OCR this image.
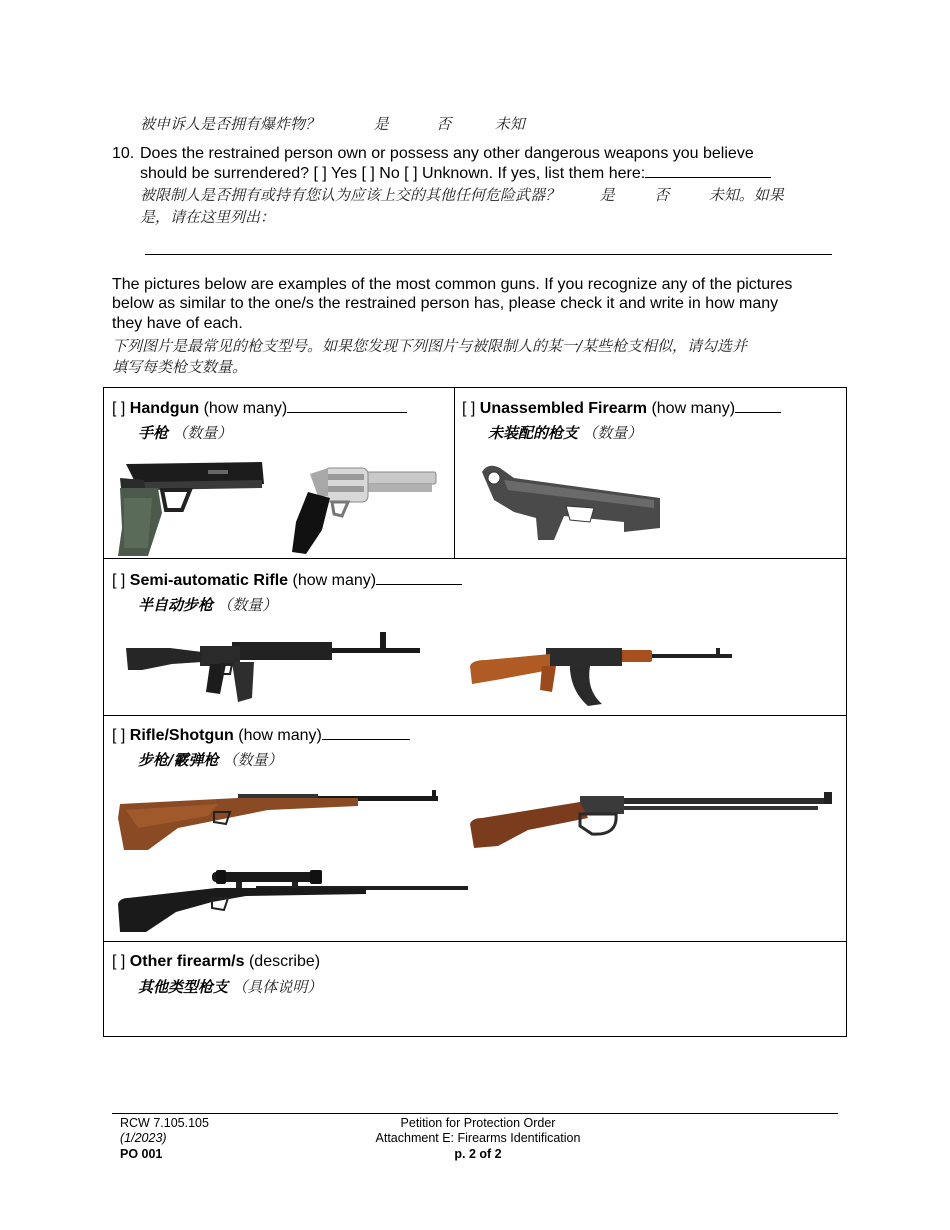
被申诉人是否拥有爆炸物？	是	否	未知
10. Does the restrained person own or possess any other dangerous weapons you believe
should be surrendered? [ ] Yes [ ] No [ ] Unknown. If yes, list them here:
被限制人是否拥有或持有您认为应该上交的其他任何危险武器？	是	否	未知。如果
是，请在这里列出：
The pictures below are examples of the most common guns. If you recognize any of the pictures
below as similar to the one/s the restrained person has, please check it and write in how many
they have of each.
下列图片是最常见的枪支型号。如果您发现下列图片与被限制人的某一/某些枪支相似，请勾选并
填写每类枪支数量。
[ ] Handgun (how many)
手枪 （数量）
[ ] Unassembled Firearm (how many)
未装配的枪支 （数量）
[ ] Semi-automatic Rifle (how many)
半自动步枪 （数量）
[ ] Rifle/Shotgun (how many)
步枪/霰弹枪 （数量）
[ ] Other firearm/s (describe)
其他类型枪支 （具体说明）
RCW 7.105.105
(1/2023)
PO 001
Petition for Protection Order
Attachment E: Firearms Identification
p. 2 of 2
